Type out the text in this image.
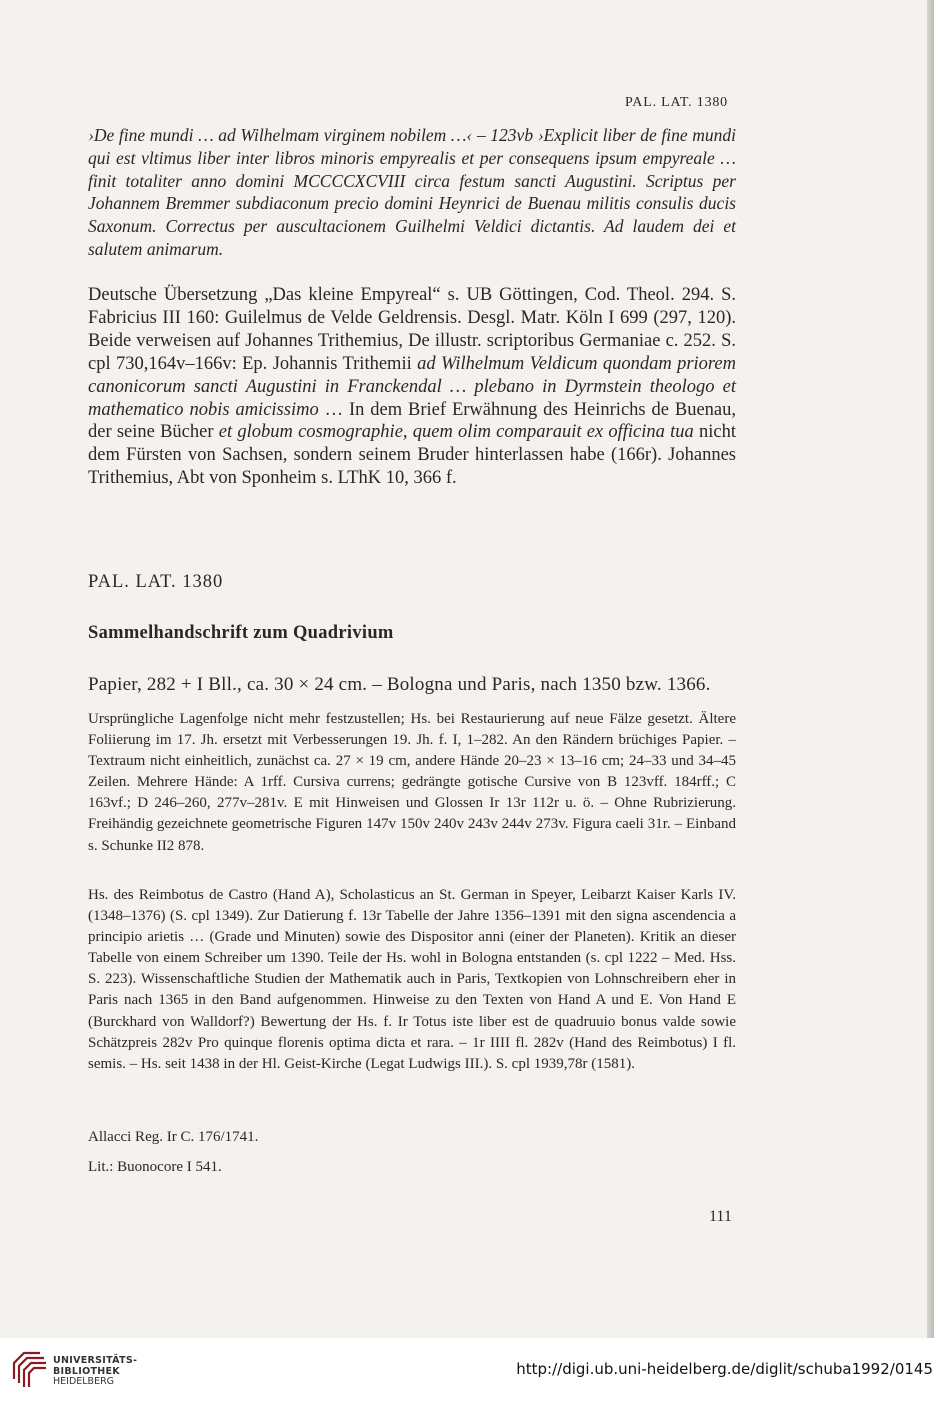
PAL. LAT. 1380
›De fine mundi … ad Wilhelmam virginem nobilem …‹ – 123vb ›Explicit liber de fine mundi qui est vltimus liber inter libros minoris empyrealis et per consequens ipsum empyreale … finit totaliter anno domini MCCCCXCVIII circa festum sancti Augustini. Scriptus per Johannem Bremmer subdiaconum precio domini Heynrici de Buenau militis consulis ducis Saxonum. Correctus per auscultacionem Guilhelmi Veldici dictantis. Ad laudem dei et salutem animarum.
Deutsche Übersetzung „Das kleine Empyreal“ s. UB Göttingen, Cod. Theol. 294. S. Fabricius III 160: Guilelmus de Velde Geldrensis. Desgl. Matr. Köln I 699 (297, 120). Beide verweisen auf Johannes Trithemius, De illustr. scriptoribus Germaniae c. 252. S. cpl 730,164v–166v: Ep. Johannis Trithemii ad Wilhelmum Veldicum quondam priorem canonicorum sancti Augustini in Franckendal … plebano in Dyrmstein theologo et mathematico nobis amicissimo … In dem Brief Erwähnung des Heinrichs de Buenau, der seine Bücher et globum cosmographie, quem olim comparauit ex officina tua nicht dem Fürsten von Sachsen, sondern seinem Bruder hinterlassen habe (166r). Johannes Trithemius, Abt von Sponheim s. LThK 10, 366 f.
PAL. LAT. 1380
Sammelhandschrift zum Quadrivium
Papier, 282 + I Bll., ca. 30 × 24 cm. – Bologna und Paris, nach 1350 bzw. 1366.
Ursprüngliche Lagenfolge nicht mehr festzustellen; Hs. bei Restaurierung auf neue Fälze gesetzt. Ältere Foliierung im 17. Jh. ersetzt mit Verbesserungen 19. Jh. f. I, 1–282. An den Rändern brüchiges Papier. – Textraum nicht einheitlich, zunächst ca. 27 × 19 cm, andere Hände 20–23 × 13–16 cm; 24–33 und 34–45 Zeilen. Mehrere Hände: A 1rff. Cursiva currens; gedrängte gotische Cursive von B 123vff. 184rff.; C 163vf.; D 246–260, 277v–281v. E mit Hinweisen und Glossen Ir 13r 112r u. ö. – Ohne Rubrizierung. Freihändig gezeichnete geometrische Figuren 147v 150v 240v 243v 244v 273v. Figura caeli 31r. – Einband s. Schunke II2 878.
Hs. des Reimbotus de Castro (Hand A), Scholasticus an St. German in Speyer, Leibarzt Kaiser Karls IV. (1348–1376) (S. cpl 1349). Zur Datierung f. 13r Tabelle der Jahre 1356–1391 mit den signa ascendencia a principio arietis … (Grade und Minuten) sowie des Dispositor anni (einer der Planeten). Kritik an dieser Tabelle von einem Schreiber um 1390. Teile der Hs. wohl in Bologna entstanden (s. cpl 1222 – Med. Hss. S. 223). Wissenschaftliche Studien der Mathematik auch in Paris, Textkopien von Lohnschreibern eher in Paris nach 1365 in den Band aufgenommen. Hinweise zu den Texten von Hand A und E. Von Hand E (Burckhard von Walldorf?) Bewertung der Hs. f. Ir Totus iste liber est de quadruuio bonus valde sowie Schätzpreis 282v Pro quinque florenis optima dicta et rara. – 1r IIII fl. 282v (Hand des Reimbotus) I fl. semis. – Hs. seit 1438 in der Hl. Geist-Kirche (Legat Ludwigs III.). S. cpl 1939,78r (1581).
Allacci Reg. Ir C. 176/1741.
Lit.: Buonocore I 541.
111
UNIVERSITÄTS-
BIBLIOTHEK
HEIDELBERG
http://digi.ub.uni-heidelberg.de/diglit/schuba1992/0145
